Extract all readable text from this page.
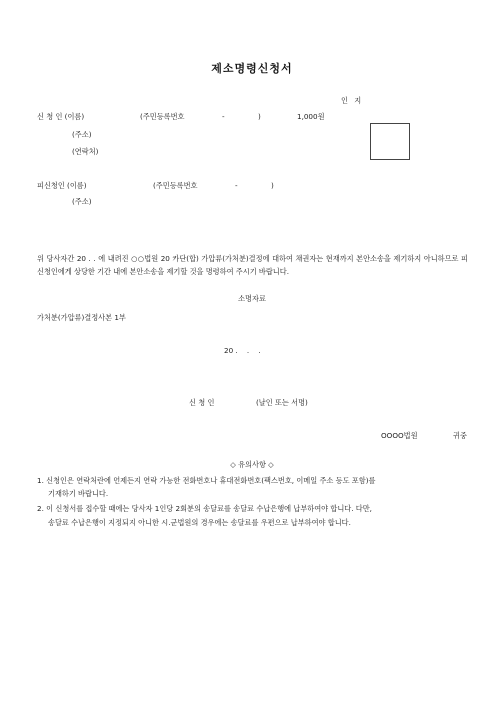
제소명령신청서
인 지
신 청 인 (이름)	(주민등록번호	-	)	1,000원
(주소)
(연락처)
피신청인 (이름)	(주민등록번호	-	)
(주소)
위 당사자간 20 . . 에 내려진 ○○법원 20 카단(합) 가압류(가처분)결정에 대하여 채권자는 현재까지 본안소송을 제기하지 아니하므로 피신청인에게 상당한 기간 내에 본안소송을 제기할 것을 명령하여 주시기 바랍니다.
소명자료
가처분(가압류)결정사본 1부
20 .    .    .
신 청 인	(날인 또는 서명)
OOOO법원	귀중
◇ 유의사항 ◇
1. 신청인은 연락처란에 언제든지 연락 가능한 전화번호나 휴대전화번호(팩스번호, 이메일 주소 등도 포함)를
기재하기 바랍니다.
2. 이 신청서를 접수할 때에는 당사자 1인당 2회분의 송달료를 송달료 수납은행에 납부하여야 합니다. 다만,
송달료 수납은행이 지정되지 아니한 시.군법원의 경우에는 송달료를 우편으로 납부하여야 합니다.
